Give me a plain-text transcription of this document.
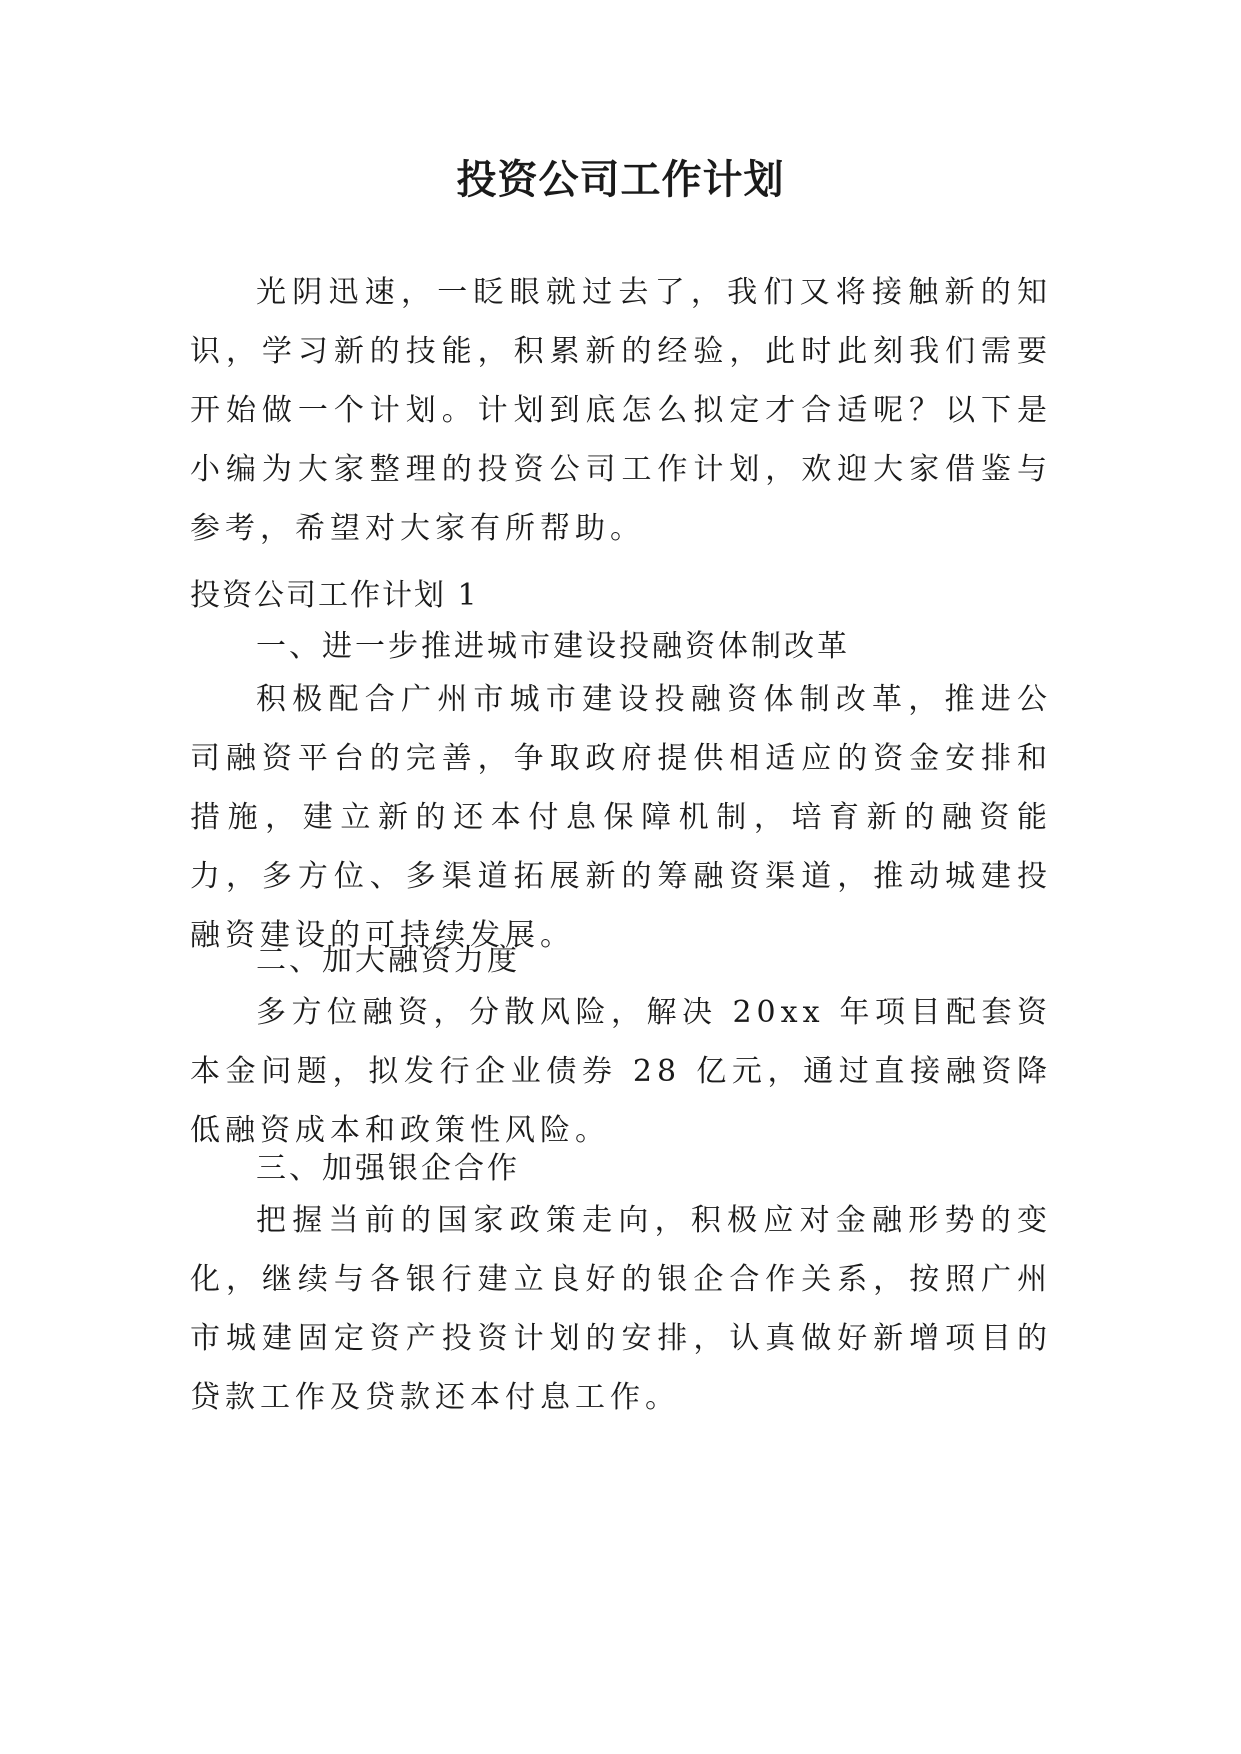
投资公司工作计划

光阴迅速，一眨眼就过去了，我们又将接触新的知识，学习新的技能，积累新的经验，此时此刻我们需要开始做一个计划。计划到底怎么拟定才合适呢？以下是小编为大家整理的投资公司工作计划，欢迎大家借鉴与参考，希望对大家有所帮助。

投资公司工作计划 1

一、进一步推进城市建设投融资体制改革

积极配合广州市城市建设投融资体制改革，推进公司融资平台的完善，争取政府提供相适应的资金安排和措施，建立新的还本付息保障机制，培育新的融资能力，多方位、多渠道拓展新的筹融资渠道，推动城建投融资建设的可持续发展。

二、加大融资力度

多方位融资，分散风险，解决 20xx 年项目配套资本金问题，拟发行企业债券 28 亿元，通过直接融资降低融资成本和政策性风险。

三、加强银企合作

把握当前的国家政策走向，积极应对金融形势的变化，继续与各银行建立良好的银企合作关系，按照广州市城建固定资产投资计划的安排，认真做好新增项目的贷款工作及贷款还本付息工作。
